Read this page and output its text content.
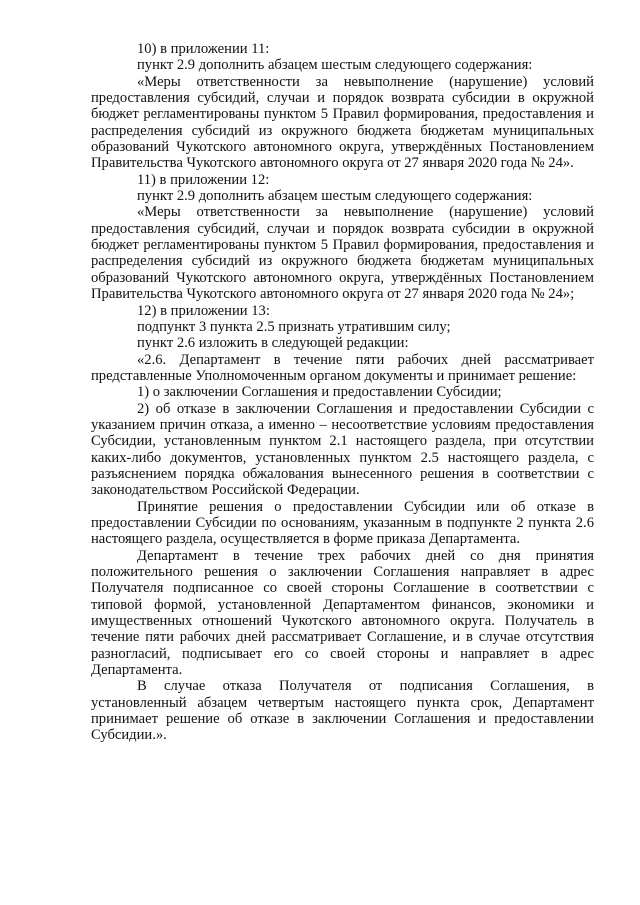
10) в приложении 11:

пункт 2.9 дополнить абзацем шестым следующего содержания:

«Меры ответственности за невыполнение (нарушение) условий предоставления субсидий, случаи и порядок возврата субсидии в окружной бюджет регламентированы пунктом 5 Правил формирования, предоставления и распределения субсидий из окружного бюджета бюджетам муниципальных образований Чукотского автономного округа, утверждённых Постановлением Правительства Чукотского автономного округа от 27 января 2020 года № 24».

11) в приложении 12:

пункт 2.9 дополнить абзацем шестым следующего содержания:

«Меры ответственности за невыполнение (нарушение) условий предоставления субсидий, случаи и порядок возврата субсидии в окружной бюджет регламентированы пунктом 5 Правил формирования, предоставления и распределения субсидий из окружного бюджета бюджетам муниципальных образований Чукотского автономного округа, утверждённых Постановлением Правительства Чукотского автономного округа от 27 января 2020 года № 24»;

12) в приложении 13:

подпункт 3 пункта 2.5 признать утратившим силу;

пункт 2.6 изложить в следующей редакции:

«2.6. Департамент в течение пяти рабочих дней рассматривает представленные Уполномоченным органом документы и принимает решение:

1) о заключении Соглашения и предоставлении Субсидии;

2) об отказе в заключении Соглашения и предоставлении Субсидии с указанием причин отказа, а именно – несоответствие условиям предоставления Субсидии, установленным пунктом 2.1 настоящего раздела, при отсутствии каких-либо документов, установленных пунктом 2.5 настоящего раздела, с разъяснением порядка обжалования вынесенного решения в соответствии с законодательством Российской Федерации.

Принятие решения о предоставлении Субсидии или об отказе в предоставлении Субсидии по основаниям, указанным в подпункте 2 пункта 2.6 настоящего раздела, осуществляется в форме приказа Департамента.

Департамент в течение трех рабочих дней со дня принятия положительного решения о заключении Соглашения направляет в адрес Получателя подписанное со своей стороны Соглашение в соответствии с типовой формой, установленной Департаментом финансов, экономики и имущественных отношений Чукотского автономного округа. Получатель в течение пяти рабочих дней рассматривает Соглашение, и в случае отсутствия разногласий, подписывает его со своей стороны и направляет в адрес Департамента.

В случае отказа Получателя от подписания Соглашения, в установленный абзацем четвертым настоящего пункта срок, Департамент принимает решение об отказе в заключении Соглашения и предоставлении Субсидии.».
